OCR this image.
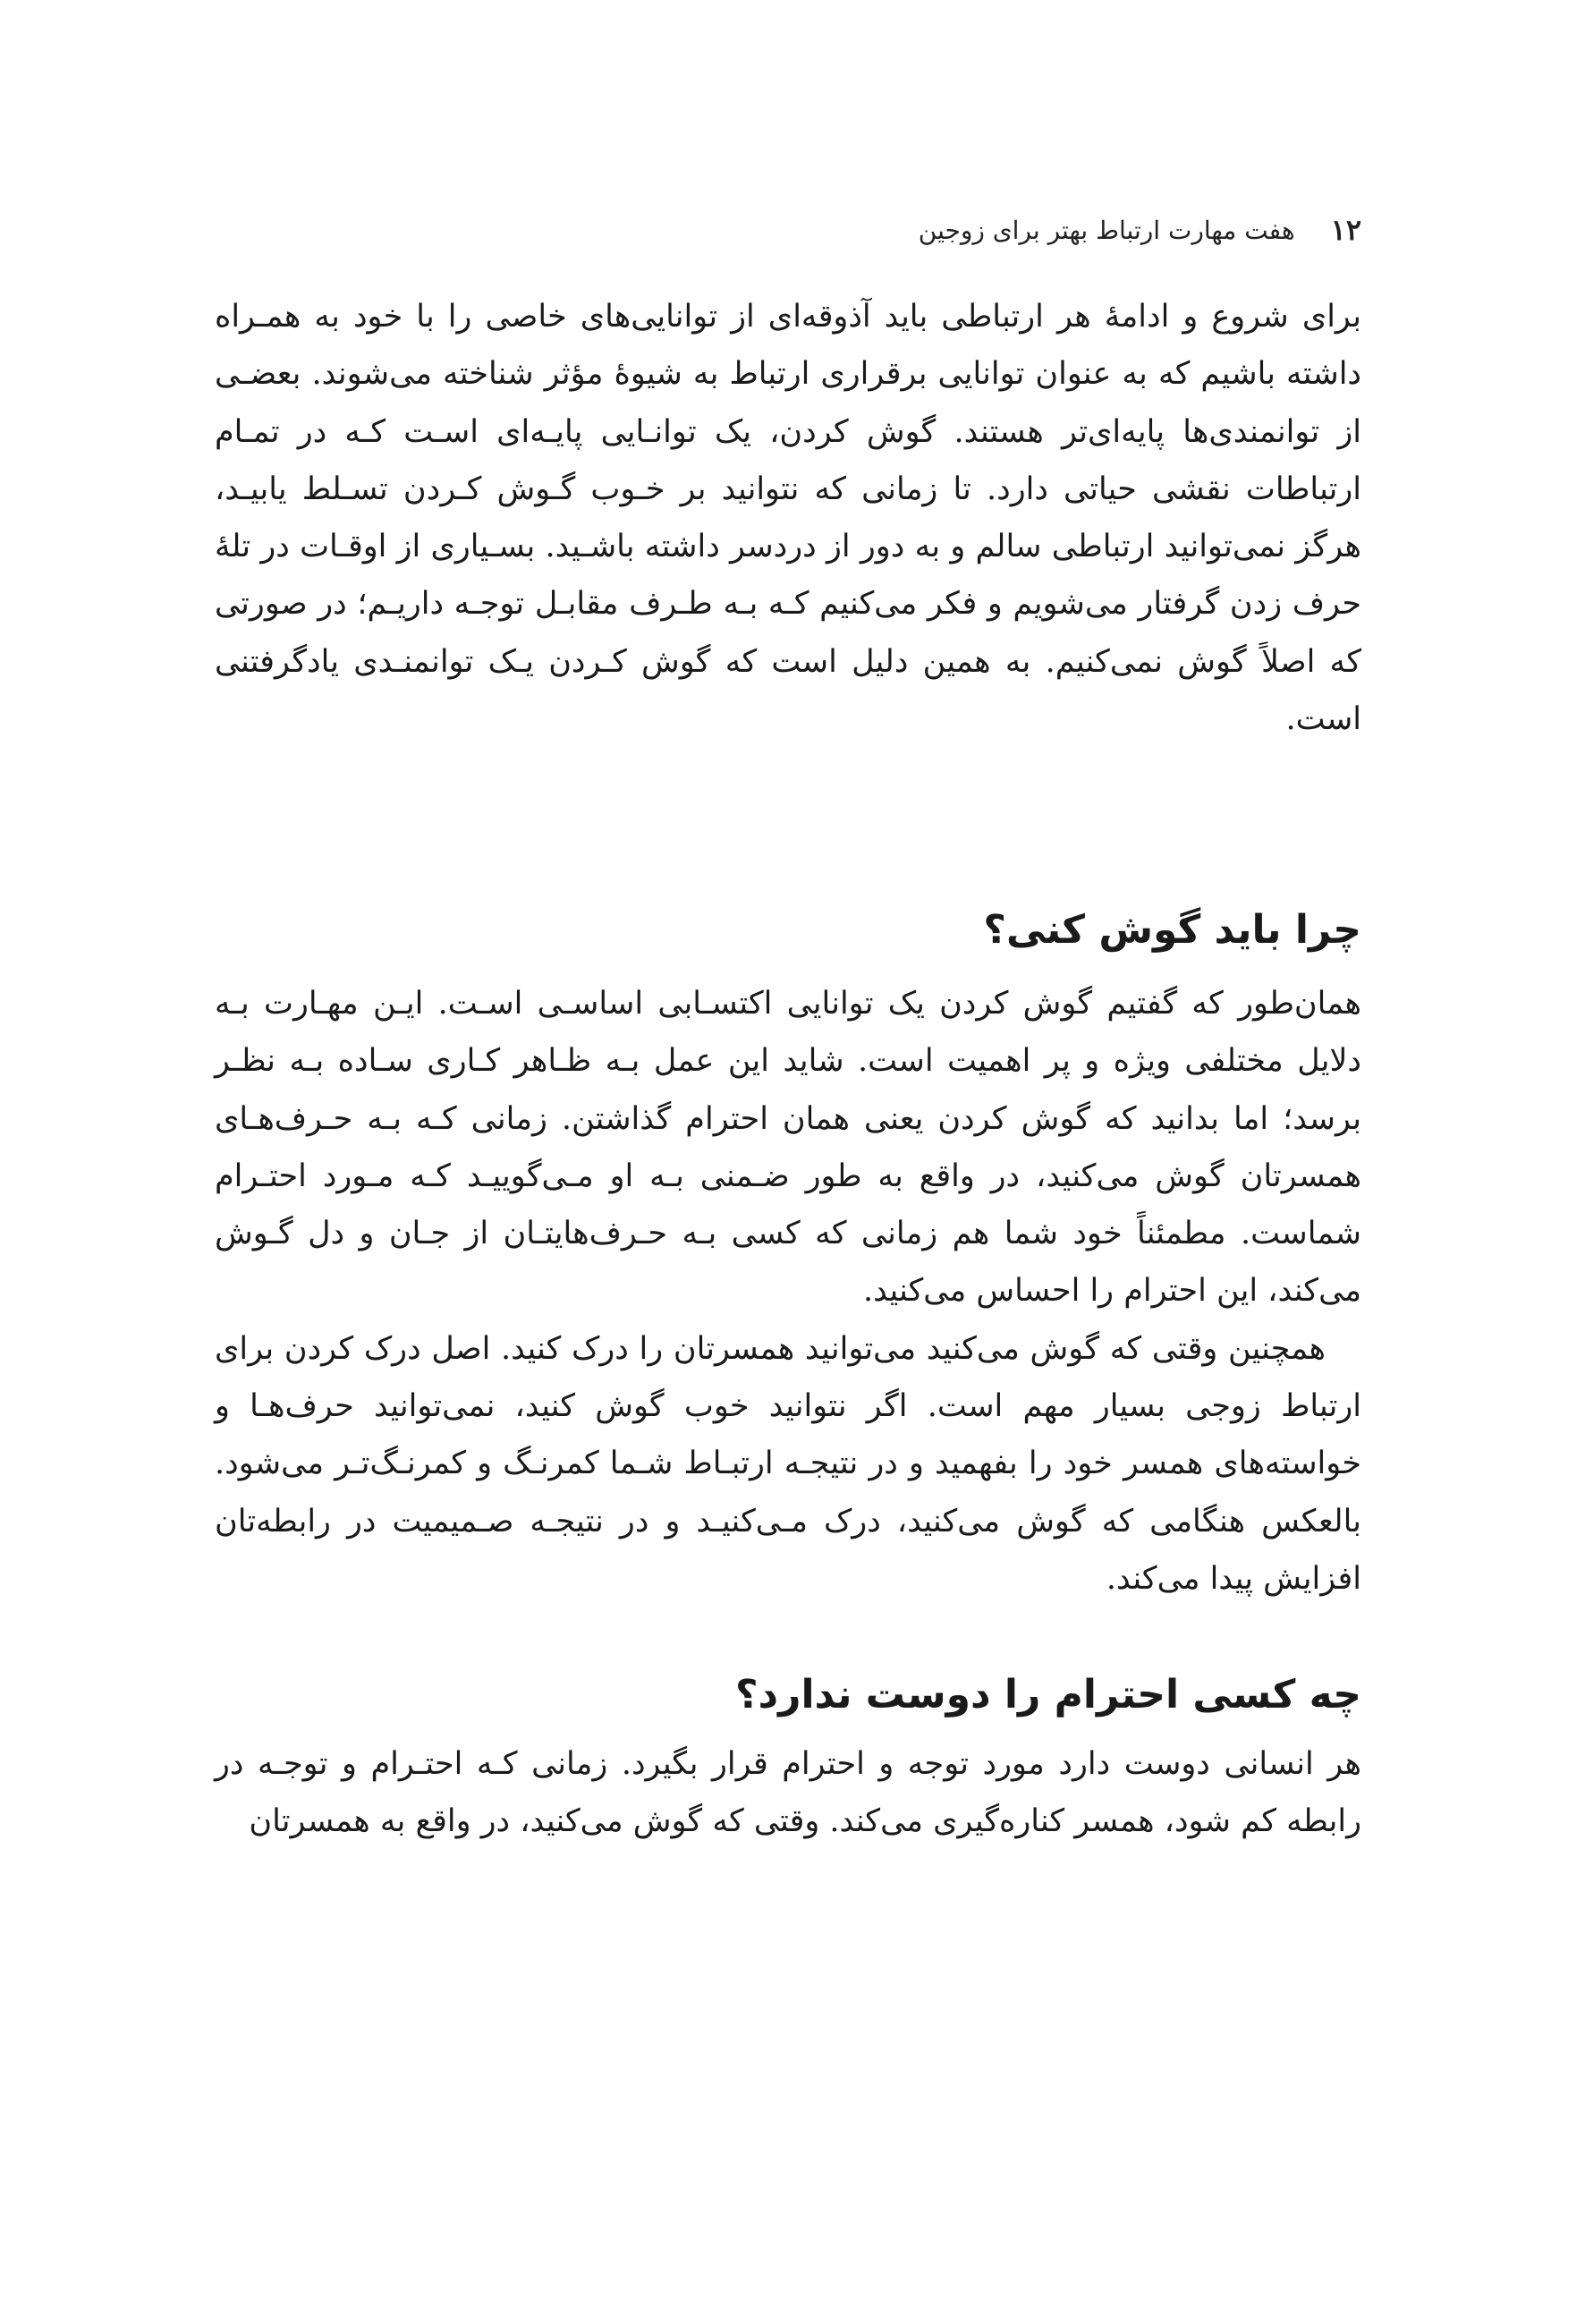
۱۲
هفت مهارت ارتباط بهتر برای زوجین

برای شروع و ادامهٔ هر ارتباطی باید آذوقه‌ای از توانایی‌های خاصی را با خود به همـراه داشته باشیم که به عنوان توانایی برقراری ارتباط به شیوهٔ مؤثر شناخته می‌شوند. بعضـی از توانمندی‌ها پایه‌ای‌تر هستند. گوش کردن، یک توانـایی پایـه‌ای اسـت کـه در تمـام ارتباطات نقشی حیاتی دارد. تا زمانی که نتوانید بر خـوب گـوش کـردن تسـلط یابیـد، هرگز نمی‌توانید ارتباطی سالم و به دور از دردسر داشته باشـید. بسـیاری از اوقـات در تلهٔ حرف زدن گرفتار می‌شویم و فکر می‌کنیم کـه بـه طـرف مقابـل توجـه داریـم؛ در صورتی که اصلاً گوش نمی‌کنیم. به همین دلیل است که گوش کـردن یـک توانمنـدی یادگرفتنی است.

چرا باید گوش کنی؟

همان‌طور که گفتیم گوش کردن یک توانایی اکتسـابی اساسـی اسـت. ایـن مهـارت بـه دلایل مختلفی ویژه و پر اهمیت است. شاید این عمل بـه ظـاهر کـاری سـاده بـه نظـر برسد؛ اما بدانید که گوش کردن یعنی همان احترام گذاشتن. زمانی کـه بـه حـرف‌هـای همسرتان گوش می‌کنید، در واقع به طور ضـمنی بـه او مـی‌گوییـد کـه مـورد احتـرام شماست. مطمئناً خود شما هم زمانی که کسی بـه حـرف‌هایتـان از جـان و دل گـوش می‌کند، این احترام را احساس می‌کنید.

همچنین وقتی که گوش می‌کنید می‌توانید همسرتان را درک کنید. اصل درک کردن برای ارتباط زوجی بسیار مهم است. اگر نتوانید خوب گوش کنید، نمی‌توانید حرف‌هـا و خواسته‌های همسر خود را بفهمید و در نتیجـه ارتبـاط شـما کمرنـگ و کمرنـگ‌تـر می‌شود. بالعکس هنگامی که گوش می‌کنید، درک مـی‌کنیـد و در نتیجـه صـمیمیت در رابطه‌تان افزایش پیدا می‌کند.

چه کسی احترام را دوست ندارد؟

هر انسانی دوست دارد مورد توجه و احترام قرار بگیرد. زمانی کـه احتـرام و توجـه در رابطه کم شود، همسر کناره‌گیری می‌کند. وقتی که گوش می‌کنید، در واقع به همسرتان
